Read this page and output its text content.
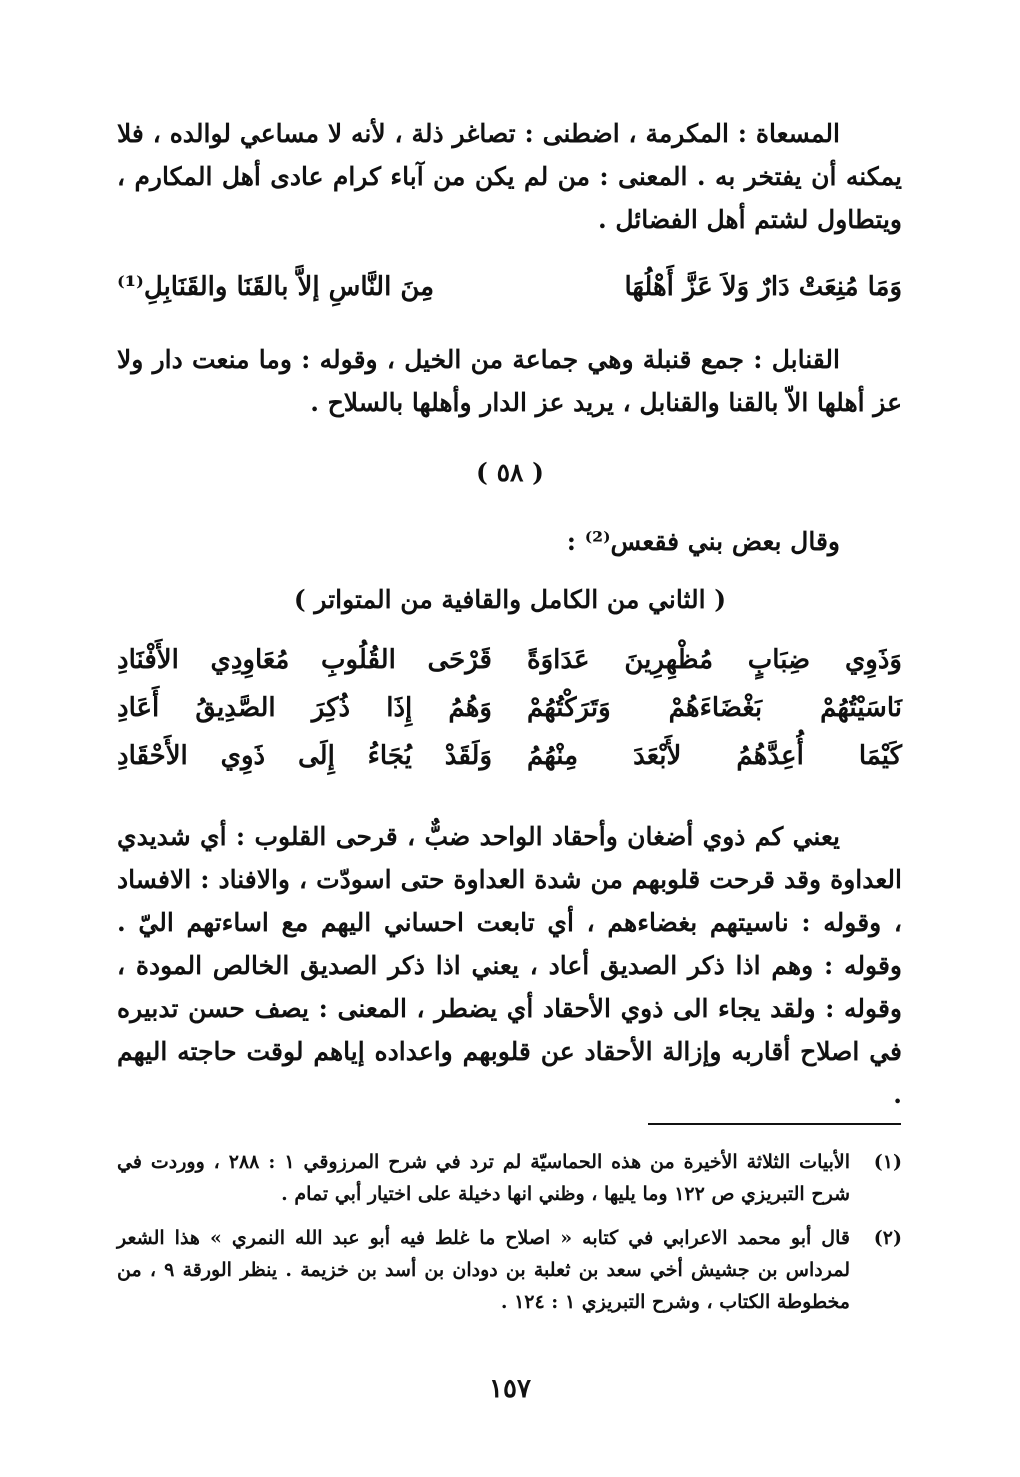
المسعاة : المكرمة ، اضطنى : تصاغر ذلة ، لأنه لا مساعي لوالده ، فلا يمكنه أن يفتخر به . المعنى : من لم يكن من آباء كرام عادى أهل المكارم ، ويتطاول لشتم أهل الفضائل .

وَمَا مُنِعَتْ دَارٌ وَلاَ عَزَّ أَهْلُهَا
مِنَ النَّاسِ إلاَّ بالقَنَا والقَنَابِلِ⁽¹⁾

القنابل : جمع قنبلة وهي جماعة من الخيل ، وقوله : وما منعت دار ولا عز أهلها الاّ بالقنا والقنابل ، يريد عز الدار وأهلها بالسلاح .

( ٥٨ )

وقال بعض بني فقعس⁽²⁾ :

( الثاني من الكامل والقافية من المتواتر )

وَذَوِي ضِبَابٍ مُظْهِرِينَ عَدَاوَةً
قَرْحَى القُلُوبِ مُعَاوِدِي الأَفْنَادِ
نَاسَيْتُهُمْ بَغْضَاءَهُمْ وَتَرَكْتُهُمْ
وَهُمُ إِذَا ذُكِرَ الصَّدِيقُ أَعَادِ
كَيْمَا أُعِدَّهُمُ لأَبْعَدَ مِنْهُمُ
وَلَقَدْ يُجَاءُ إِلَى ذَوِي الأَحْقَادِ

يعني كم ذوي أضغان وأحقاد الواحد ضبٌّ ، قرحى القلوب : أي شديدي العداوة وقد قرحت قلوبهم من شدة العداوة حتى اسودّت ، والافناد : الافساد ، وقوله : ناسيتهم بغضاءهم ، أي تابعت احساني اليهم مع اساءتهم اليّ . وقوله : وهم اذا ذكر الصديق أعاد ، يعني اذا ذكر الصديق الخالص المودة ، وقوله : ولقد يجاء الى ذوي الأحقاد أي يضطر ، المعنى : يصف حسن تدبيره في اصلاح أقاربه وإزالة الأحقاد عن قلوبهم واعداده إياهم لوقت حاجته اليهم .

(١)
الأبيات الثلاثة الأخيرة من هذه الحماسيّة لم ترد في شرح المرزوقي ١ : ٢٨٨ ، ووردت في شرح التبريزي ص ١٢٢ وما يليها ، وظني انها دخيلة على اختيار أبي تمام .

(٢)
قال أبو محمد الاعرابي في كتابه « اصلاح ما غلط فيه أبو عبد الله النمري » هذا الشعر لمرداس بن جشيش أخي سعد بن ثعلبة بن دودان بن أسد بن خزيمة . ينظر الورقة ٩ ، من مخطوطة الكتاب ، وشرح التبريزي ١ : ١٢٤ .

١٥٧
